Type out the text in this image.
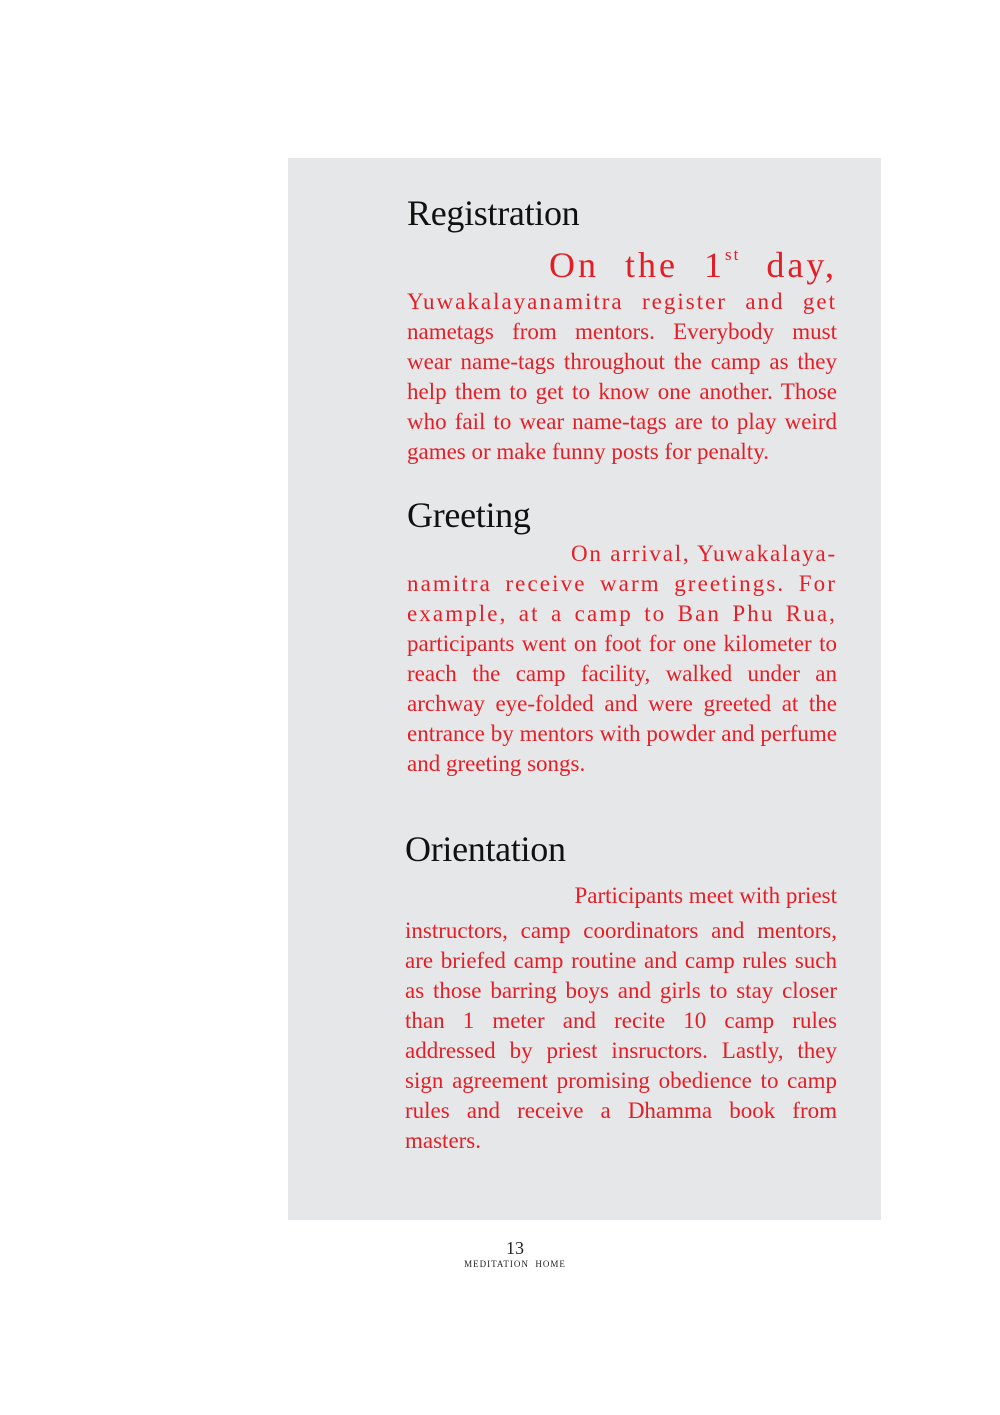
Registration

On the 1st day,
Yuwakalayanamitra register and get
nametags from mentors. Everybody must wear name-tags throughout the camp as they help them to get to know one another. Those who fail to wear name-tags are to play weird games or make funny posts for penalty.

Greeting

On arrival, Yuwakalaya-
namitra receive warm greetings. For example, at a camp to Ban Phu Rua, participants went on foot for one kilometer to reach the camp facility, walked under an archway eye-folded and were greeted at the entrance by mentors with powder and perfume and greeting songs.

Orientation

Participants meet with priest
instructors, camp coordinators and mentors, are briefed camp routine and camp rules such as those barring boys and girls to stay closer than 1 meter and recite 10 camp rules addressed by priest insructors. Lastly, they sign agreement promising obedience to camp rules and receive a Dhamma book from masters.

13
MEDITATION  HOME
